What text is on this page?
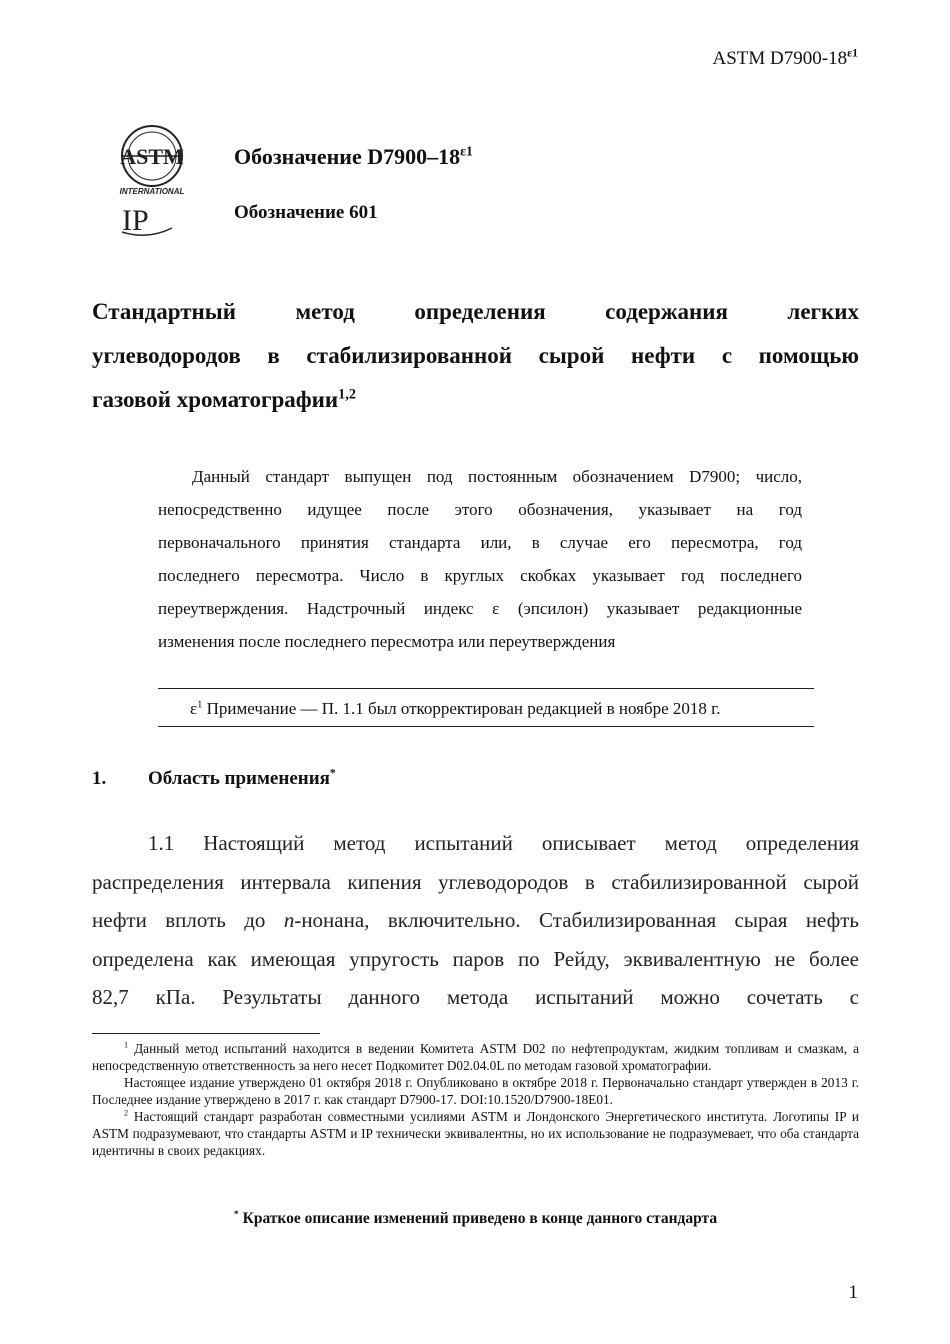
ASTM $D7900-18^{\varepsilon 1}$
ASTM
INTERNATIONAL
IP
Обозначение $D7900-18^{\varepsilon 1}$
Обозначение 601
Стандартный метод определения содержания легких
углеводородов в стабилизированной сырой нефти с помощью
газовой хроматографии$^{1,2}$
Данный стандарт выпущен под постоянным обозначением D7900; число,
непосредственно идущее после этого обозначения, указывает на год
первоначального принятия стандарта или, в случае его пересмотра, год
последнего пересмотра. Число в круглых скобках указывает год последнего
переутверждения. Надстрочный индекс ε (эпсилон) указывает редакционные
изменения после последнего пересмотра или переутверждения
$\varepsilon^1$ Примечание — П. 1.1 был откорректирован редакцией в ноябре 2018 г.
1. Область применения*
1.1 Настоящий метод испытаний описывает метод определения
распределения интервала кипения углеводородов в стабилизированной сырой
нефти вплоть до n-нонана, включительно. Стабилизированная сырая нефть
определена как имеющая упругость паров по Рейду, эквивалентную не более
82,7 кПа. Результаты данного метода испытаний можно сочетать с

$^1$ Данный метод испытаний находится в ведении Комитета ASTM D02 по нефтепродуктам, жидким топливам и смазкам, а непосредственную ответственность за него несет Подкомитет D02.04.0L по методам газовой хроматографии.

Настоящее издание утверждено 01 октября 2018 г. Опубликовано в октябре 2018 г. Первоначально стандарт утвержден в 2013 г. Последнее издание утверждено в 2017 г. как стандарт D7900-17. DOI:10.1520/D7900-18E01.

$^2$ Настоящий стандарт разработан совместными усилиями ASTM и Лондонского Энергетического института. Логотипы IP и ASTM подразумевают, что стандарты ASTM и IP технически эквивалентны, но их использование не подразумевает, что оба стандарта идентичны в своих редакциях.

* Краткое описание изменений приведено в конце данного стандарта
1
